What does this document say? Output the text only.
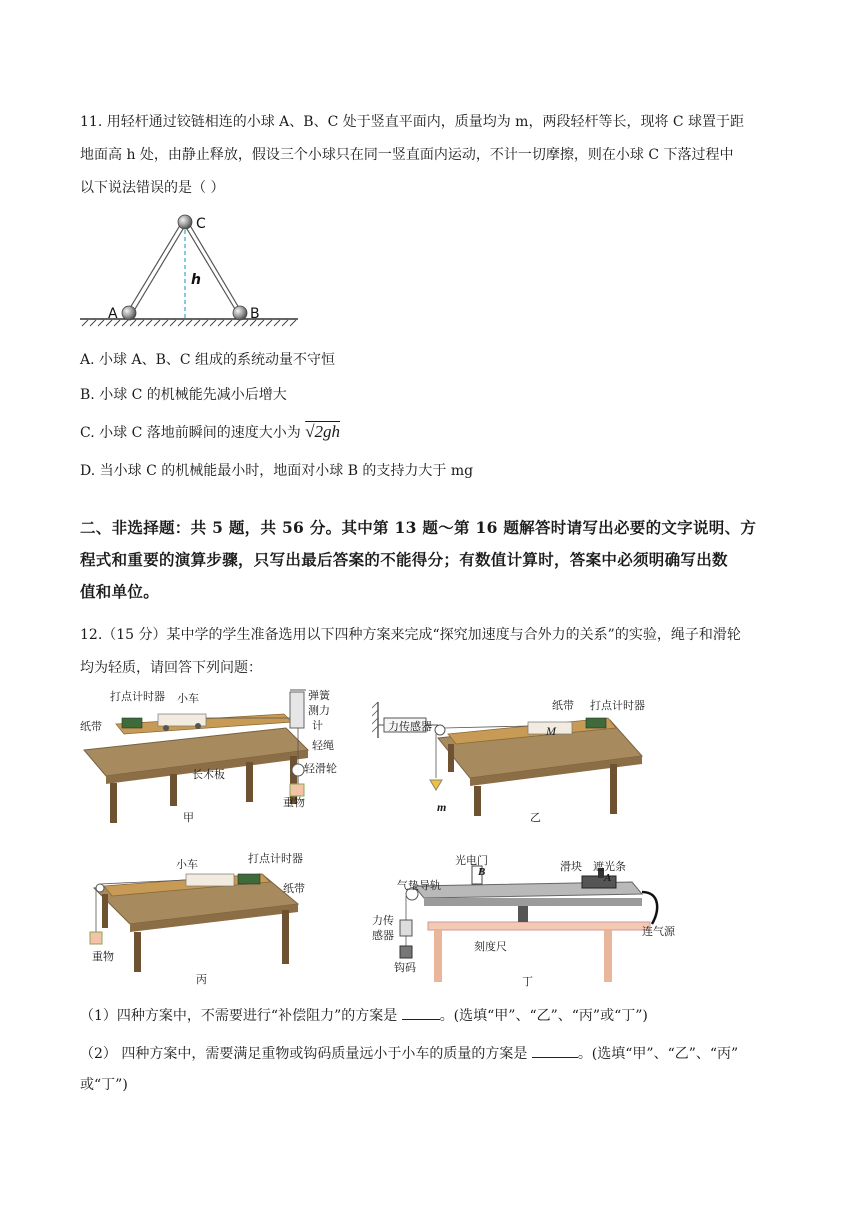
11. 用轻杆通过铰链相连的小球 A、B、C 处于竖直平面内，质量均为 m，两段轻杆等长，现将 C 球置于距
地面高 h 处，由静止释放，假设三个小球只在同一竖直面内运动，不计一切摩擦，则在小球 C 下落过程中
以下说法错误的是（ ）
C
A	B
h
A. 小球 A、B、C 组成的系统动量不守恒
B. 小球 C 的机械能先减小后增大
C. 小球 C 落地前瞬间的速度大小为 √2gh
D. 当小球 C 的机械能最小时，地面对小球 B 的支持力大于 mg
二、非选择题：共 5 题，共 56 分。其中第 13 题～第 16 题解答时请写出必要的文字说明、方
程式和重要的演算步骤，只写出最后答案的不能得分；有数值计算时，答案中必须明确写出数
值和单位。
12.（15 分）某中学的学生准备选用以下四种方案来完成“探究加速度与合外力的关系”的实验，绳子和滑轮
均为轻质，请回答下列问题：
打点计时器 小车
纸带
弹簧
测力
计
轻绳
轻滑轮
长木板
重物
甲
力传感器
纸带 打点计时器
M
m
乙
小车	打点计时器
纸带
重物
丙
光电门
B	滑块 遮光条
A
气垫导轨
力传
感器
刻度尺
连气源
钩码
丁
（1）四种方案中，不需要进行“补偿阻力”的方案是	。(选填“甲”、“乙”、“丙”或“丁”)
（2） 四种方案中，需要满足重物或钩码质量远小于小车的质量的方案是	。(选填“甲”、“乙”、“丙”
或“丁”)
